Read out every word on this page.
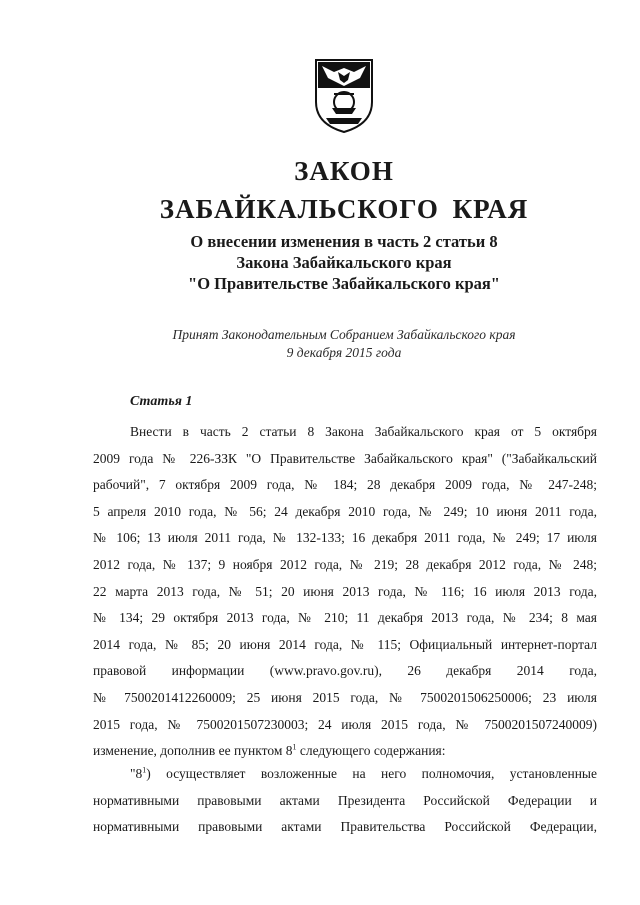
ЗАКОН
ЗАБАЙКАЛЬСКОГО КРАЯ
О внесении изменения в часть 2 статьи 8
Закона Забайкальского края
"О Правительстве Забайкальского края"
Принят Законодательным Собранием Забайкальского края
9 декабря 2015 года
Статья 1
Внести в часть 2 статьи 8 Закона Забайкальского края от 5 октября
2009 года № 226-ЗЗК "О Правительстве Забайкальского края" ("Забайкальский
рабочий", 7 октября 2009 года, № 184; 28 декабря 2009 года, № 247-248;
5 апреля 2010 года, № 56; 24 декабря 2010 года, № 249; 10 июня 2011 года,
№ 106; 13 июля 2011 года, № 132-133; 16 декабря 2011 года, № 249; 17 июля
2012 года, № 137; 9 ноября 2012 года, № 219; 28 декабря 2012 года, № 248;
22 марта 2013 года, № 51; 20 июня 2013 года, № 116; 16 июля 2013 года,
№ 134; 29 октября 2013 года, № 210; 11 декабря 2013 года, № 234; 8 мая
2014 года, № 85; 20 июня 2014 года, № 115; Официальный интернет-портал
правовой информации (www.pravo.gov.ru), 26 декабря 2014 года,
№ 7500201412260009; 25 июня 2015 года, № 7500201506250006; 23 июля
2015 года, № 7500201507230003; 24 июля 2015 года, № 7500201507240009)
изменение, дополнив ее пунктом $8^1$ следующего содержания:
"$8^1$) осуществляет возложенные на него полномочия, установленные
нормативными правовыми актами Президента Российской Федерации и
нормативными правовыми актами Правительства Российской Федерации,
